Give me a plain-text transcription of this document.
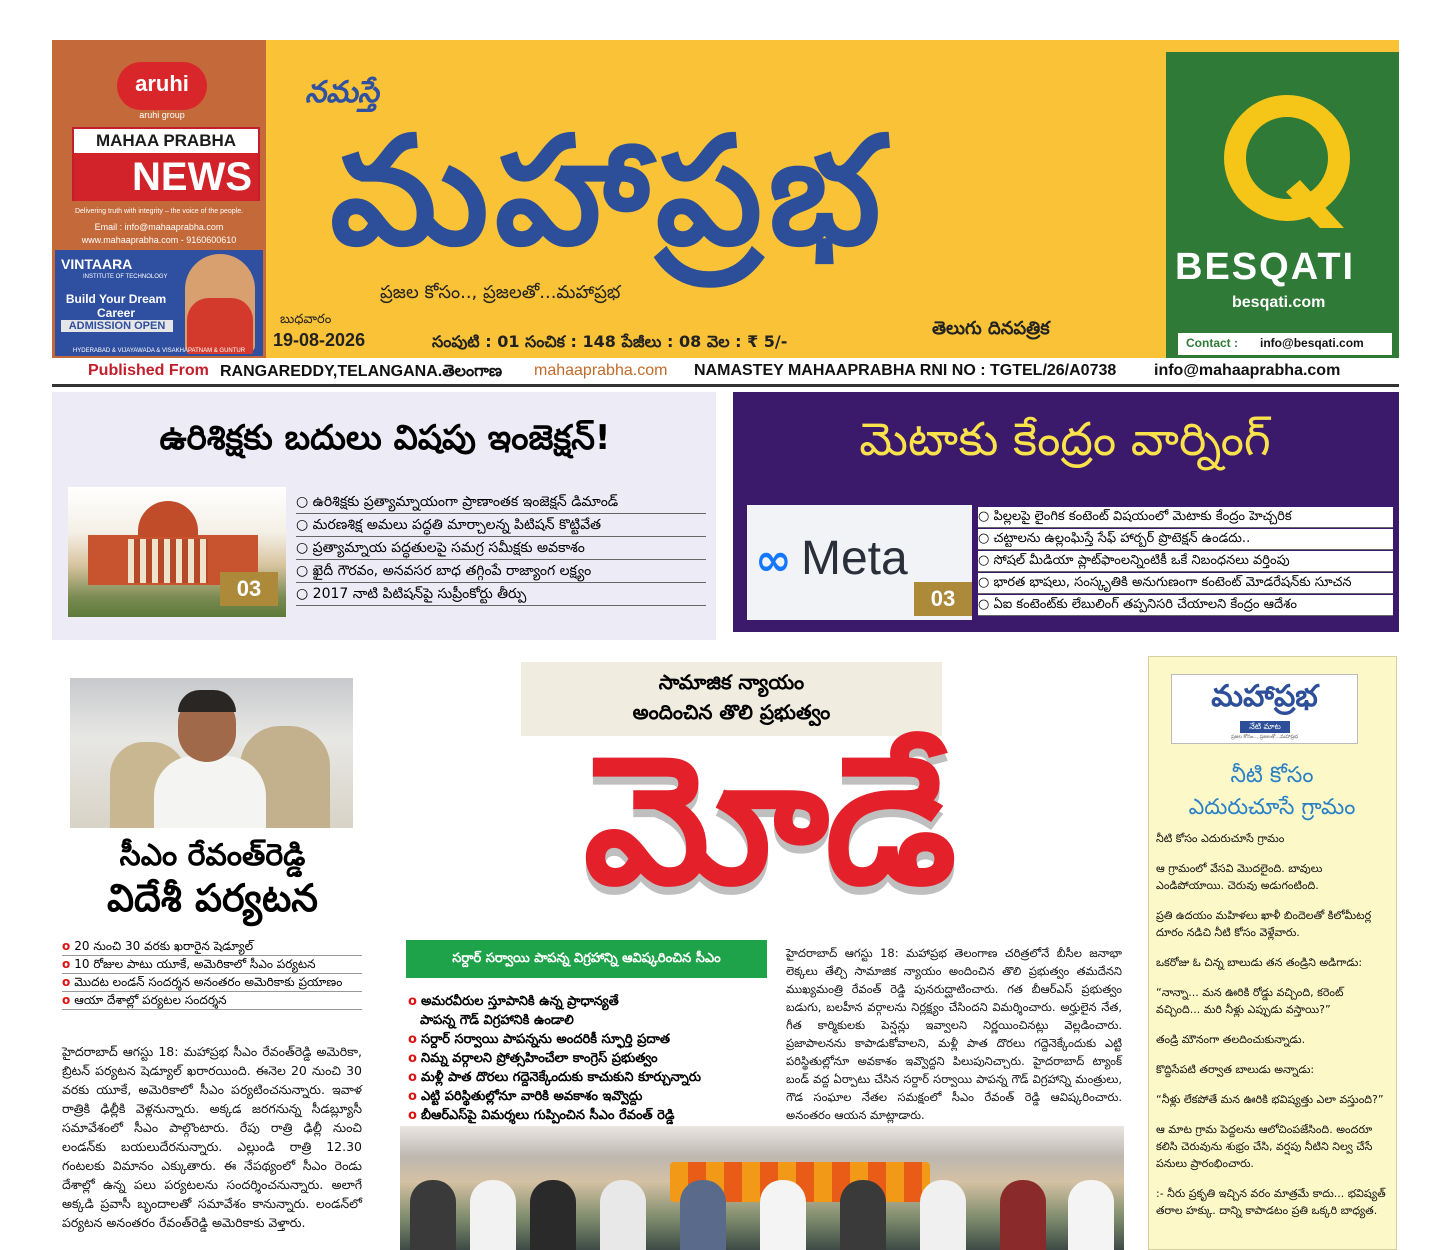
aruhi
aruhi group
MAHAA PRABHA
NEWS
Delivering truth with integrity – the voice of the people.
Email : info@mahaaprabha.com
www.mahaaprabha.com - 9160600610
VINTAARA
INSTITUTE OF TECHNOLOGY
Build Your Dream Career
ADMISSION OPEN
HYDERABAD & VIJAYAWADA & VISAKHAPATNAM & GUNTUR
నమస్తే
మహాప్రభ
ప్రజల కోసం.., ప్రజలతో...మహాప్రభ
బుధవారం
19-08-2026	సంపుటి : 01 సంచిక : 148 పేజీలు : 08 వెల : ₹ 5/-
తెలుగు దినపత్రిక
BESQATI
besqati.com
Contact : info@besqati.com
Published From RANGAREDDY,TELANGANA.తెలంగాణ mahaaprabha.com NAMASTEY MAHAAPRABHA RNI NO : TGTEL/26/A0738 info@mahaaprabha.com
ఉరిశిక్షకు బదులు విషపు ఇంజెక్షన్!
03
○ ఉరిశిక్షకు ప్రత్యామ్నాయంగా ప్రాణాంతక ఇంజెక్షన్ డిమాండ్
○ మరణశిక్ష అమలు పద్ధతి మార్చాలన్న పిటిషన్ కొట్టివేత
○ ప్రత్యామ్నాయ పద్ధతులపై సమగ్ర సమీక్షకు అవకాశం
○ ఖైదీ గౌరవం, అనవసర బాధ తగ్గింపే రాజ్యాంగ లక్ష్యం
○ 2017 నాటి పిటిషన్‌పై సుప్రీంకోర్టు తీర్పు
మెటాకు కేంద్రం వార్నింగ్
∞ Meta
03
○ పిల్లలపై లైంగిక కంటెంట్ విషయంలో మెటాకు కేంద్రం హెచ్చరిక
○ చట్టాలను ఉల్లంఘిస్తే సేఫ్ హార్బర్ ప్రొటెక్షన్ ఉండదు..
○ సోషల్ మీడియా ప్లాట్‌ఫాంలన్నింటికీ ఒకే నిబంధనలు వర్తింపు
○ భారత భాషలు, సంస్కృతికి అనుగుణంగా కంటెంట్ మోడరేషన్‌కు సూచన
○ ఏఐ కంటెంట్‌కు లేబులింగ్ తప్పనిసరి చేయాలని కేంద్రం ఆదేశం
సీఎం రేవంత్‌రెడ్డి
విదేశీ పర్యటన
o 20 నుంచి 30 వరకు ఖరారైన షెడ్యూల్
o 10 రోజుల పాటు యూకే, అమెరికాలో సీఎం పర్యటన
o మొదట లండన్ సందర్శన అనంతరం అమెరికాకు ప్రయాణం
o ఆయా దేశాల్లో పర్యటల సందర్శన
హైదరాబాద్ ఆగస్టు 18: మహాప్రభ సీఎం రేవంత్‌రెడ్డి అమెరికా, బ్రిటన్ పర్యటన షెడ్యూల్ ఖరారయింది. ఈనెల 20 నుంచి 30 వరకు యూకే, అమెరికాలో సీఎం పర్యటించనున్నారు. ఇవాళ రాత్రికి ఢిల్లీకి వెళ్లనున్నారు. అక్కడ జరగనున్న సీడబ్ల్యూసీ సమావేశంలో సీఎం పాల్గొంటారు. రేపు రాత్రి ఢిల్లీ నుంచి లండన్‌కు బయలుదేరనున్నారు. ఎల్లుండి రాత్రి 12.30 గంటలకు విమానం ఎక్కుతారు. ఈ నేపథ్యంలో సీఎం రెండు దేశాల్లో ఉన్న పలు పర్యటలను సందర్శించనున్నారు. అలాగే అక్కడి ప్రవాసీ బృందాలతో సమావేశం కానున్నారు. లండన్‌లో పర్యటన అనంతరం రేవంత్‌రెడ్డి అమెరికాకు వెళ్తారు.
సామాజిక న్యాయం
అందించిన తొలి ప్రభుత్వం
మోడే
సర్దార్ సర్వాయి పాపన్న విగ్రహాన్ని ఆవిష్కరించిన సీఎం
o అమరవీరుల స్తూపానికి ఉన్న ప్రాధాన్యతే
పాపన్న గౌడ్ విగ్రహానికి ఉండాలి
o సర్దార్ సర్వాయి పాపన్నను అందరికీ స్ఫూర్తి ప్రదాత
o నిమ్న వర్గాలని ప్రోత్సహించేలా కాంగ్రెస్ ప్రభుత్వం
o మళ్లీ పాత దొరలు గద్దెనెక్కేందుకు కాచుకుని కూర్చున్నారు
o ఎట్టి పరిస్థితుల్లోనూ వారికి అవకాశం ఇవ్వొద్దు
o బీఆర్ఎస్‌పై విమర్శలు గుప్పించిన సీఎం రేవంత్ రెడ్డి
హైదరాబాద్ ఆగస్టు 18: మహాప్రభ తెలంగాణ చరిత్రలోనే బీసీల జనాభా లెక్కలు తేల్చి సామాజిక న్యాయం అందించిన తొలి ప్రభుత్వం తమదేనని ముఖ్యమంత్రి రేవంత్ రెడ్డి పునరుద్ఘాటించారు. గత బీఆర్ఎస్ ప్రభుత్వం బడుగు, బలహీన వర్గాలను నిర్లక్ష్యం చేసిందని విమర్శించారు. అర్హులైన నేత, గీత కార్మికులకు పెన్షన్లు ఇవ్వాలని నిర్ణయించినట్లు వెల్లడించారు. ప్రజాపాలనను కాపాడుకోవాలని, మళ్లీ పాత దొరలు గద్దెనెక్కేందుకు ఎట్టి పరిస్థితుల్లోనూ అవకాశం ఇవ్వొద్దని పిలుపునిచ్చారు. హైదరాబాద్ ట్యాంక్ బండ్ వద్ద ఏర్పాటు చేసిన సర్దార్ సర్వాయి పాపన్న గౌడ్ విగ్రహాన్ని మంత్రులు, గౌడ సంఘాల నేతల సమక్షంలో సీఎం రేవంత్ రెడ్డి ఆవిష్కరించారు. అనంతరం ఆయన మాట్లాడారు.
మహాప్రభ
నేటి మాట
ప్రజల కోసం.., ప్రజలతో...మహాప్రభ
నీటి కోసం
ఎదురుచూసే గ్రామం

నీటి కోసం ఎదురుచూసే గ్రామం

ఆ గ్రామంలో వేసవి మొదలైంది. బావులు ఎండిపోయాయి. చెరువు అడుగంటింది.

ప్రతి ఉదయం మహిళలు ఖాళీ బిందెలతో కిలోమీటర్ల దూరం నడిచి నీటి కోసం వెళ్లేవారు.

ఒకరోజు ఓ చిన్న బాలుడు తన తండ్రిని అడిగాడు:

“నాన్నా... మన ఊరికి రోడ్డు వచ్చింది, కరెంట్ వచ్చింది... మరి నీళ్లు ఎప్పుడు వస్తాయి?”

తండ్రి మౌనంగా తలదించుకున్నాడు.

కొద్దిసేపటి తర్వాత బాలుడు అన్నాడు:

“నీళ్లు లేకపోతే మన ఊరికి భవిష్యత్తు ఎలా వస్తుంది?”

ఆ మాట గ్రామ పెద్దలను ఆలోచింపజేసింది. అందరూ కలిసి చెరువును శుభ్రం చేసి, వర్షపు నీటిని నిల్వ చేసే పనులు ప్రారంభించారు.

:- నీరు ప్రకృతి ఇచ్చిన వరం మాత్రమే కాదు... భవిష్యత్ తరాల హక్కు. దాన్ని కాపాడటం ప్రతి ఒక్కరి బాధ్యత.
